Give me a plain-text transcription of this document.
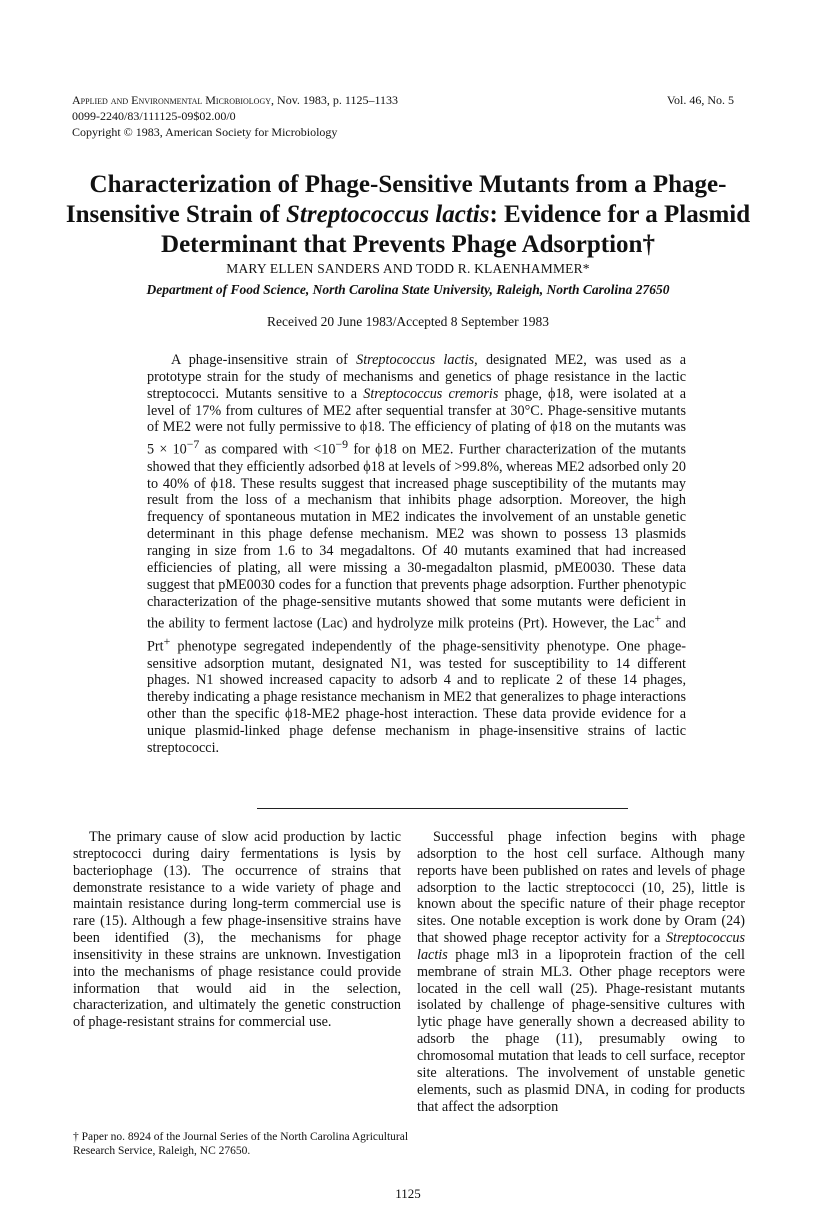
Applied and Environmental Microbiology, Nov. 1983, p. 1125–1133
0099-2240/83/111125-09$02.00/0
Copyright © 1983, American Society for Microbiology
Vol. 46, No. 5
Characterization of Phage-Sensitive Mutants from a Phage-Insensitive Strain of Streptococcus lactis: Evidence for a Plasmid Determinant that Prevents Phage Adsorption†
MARY ELLEN SANDERS AND TODD R. KLAENHAMMER*
Department of Food Science, North Carolina State University, Raleigh, North Carolina 27650
Received 20 June 1983/Accepted 8 September 1983

A phage-insensitive strain of Streptococcus lactis, designated ME2, was used as a prototype strain for the study of mechanisms and genetics of phage resistance in the lactic streptococci. Mutants sensitive to a Streptococcus cremoris phage, ϕ18, were isolated at a level of 17% from cultures of ME2 after sequential transfer at 30°C. Phage-sensitive mutants of ME2 were not fully permissive to ϕ18. The efficiency of plating of ϕ18 on the mutants was $5 \times 10^{-7}$ as compared with $<10^{-9}$ for ϕ18 on ME2. Further characterization of the mutants showed that they efficiently adsorbed ϕ18 at levels of >99.8%, whereas ME2 adsorbed only 20 to 40% of ϕ18. These results suggest that increased phage susceptibility of the mutants may result from the loss of a mechanism that inhibits phage adsorption. Moreover, the high frequency of spontaneous mutation in ME2 indicates the involvement of an unstable genetic determinant in this phage defense mechanism. ME2 was shown to possess 13 plasmids ranging in size from 1.6 to 34 megadaltons. Of 40 mutants examined that had increased efficiencies of plating, all were missing a 30-megadalton plasmid, pME0030. These data suggest that pME0030 codes for a function that prevents phage adsorption. Further phenotypic characterization of the phage-sensitive mutants showed that some mutants were deficient in the ability to ferment lactose (Lac) and hydrolyze milk proteins (Prt). However, the Lac+ and Prt+ phenotype segregated independently of the phage-sensitivity phenotype. One phage-sensitive adsorption mutant, designated N1, was tested for susceptibility to 14 different phages. N1 showed increased capacity to adsorb 4 and to replicate 2 of these 14 phages, thereby indicating a phage resistance mechanism in ME2 that generalizes to phage interactions other than the specific ϕ18-ME2 phage-host interaction. These data provide evidence for a unique plasmid-linked phage defense mechanism in phage-insensitive strains of lactic streptococci.

The primary cause of slow acid production by lactic streptococci during dairy fermentations is lysis by bacteriophage (13). The occurrence of strains that demonstrate resistance to a wide variety of phage and maintain resistance during long-term commercial use is rare (15). Although a few phage-insensitive strains have been identified (3), the mechanisms for phage insensitivity in these strains are unknown. Investigation into the mechanisms of phage resistance could provide information that would aid in the selection, characterization, and ultimately the genetic construction of phage-resistant strains for commercial use.

Successful phage infection begins with phage adsorption to the host cell surface. Although many reports have been published on rates and levels of phage adsorption to the lactic streptococci (10, 25), little is known about the specific nature of their phage receptor sites. One notable exception is work done by Oram (24) that showed phage receptor activity for a Streptococcus lactis phage ml3 in a lipoprotein fraction of the cell membrane of strain ML3. Other phage receptors were located in the cell wall (25). Phage-resistant mutants isolated by challenge of phage-sensitive cultures with lytic phage have generally shown a decreased ability to adsorb the phage (11), presumably owing to chromosomal mutation that leads to cell surface, receptor site alterations. The involvement of unstable genetic elements, such as plasmid DNA, in coding for products that affect the adsorption

† Paper no. 8924 of the Journal Series of the North Carolina Agricultural Research Service, Raleigh, NC 27650.

1125
